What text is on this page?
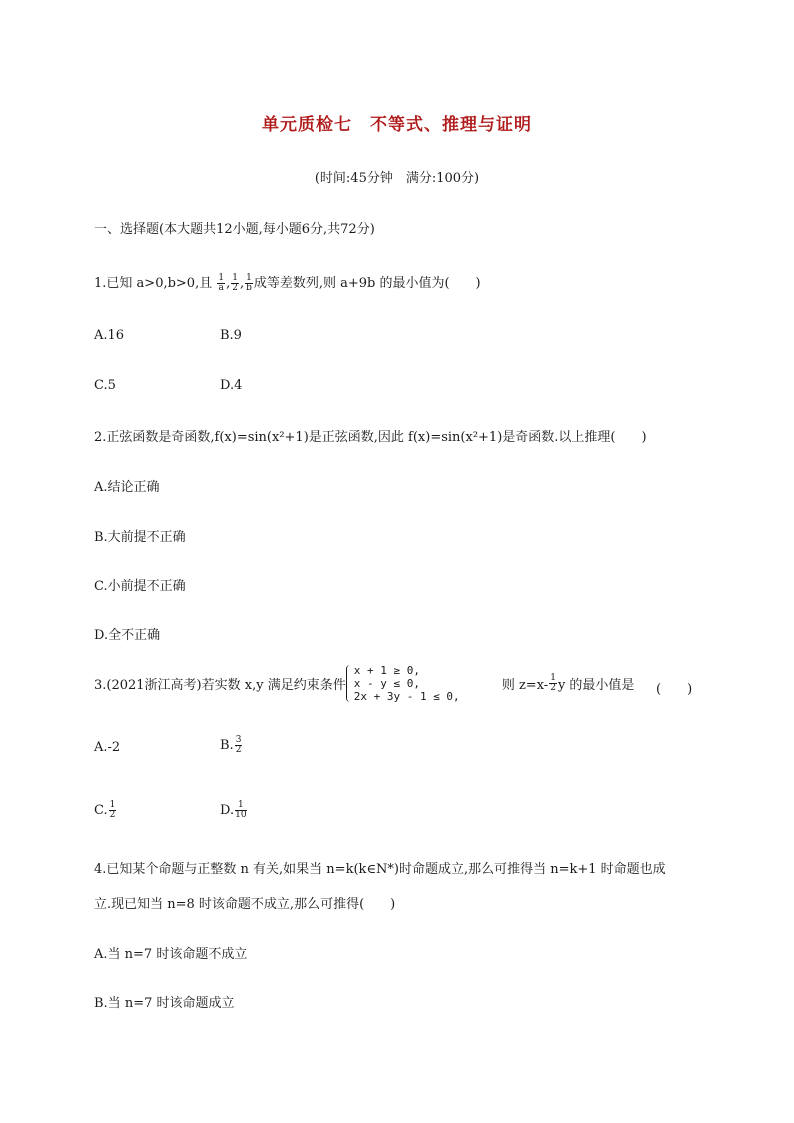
单元质检七　不等式、推理与证明
(时间:45分钟　满分:100分)
一、选择题(本大题共12小题,每小题6分,共72分)
1.已知 a>0,b>0,且 $\frac{1}{a}$ , $\frac{1}{2}$ , $\frac{1}{b}$ 成等差数列,则 a+9b 的最小值为(　　)
A.16	B.9
C.5	D.4
2.正弦函数是奇函数,f(x)=sin(x²+1)是正弦函数,因此 f(x)=sin(x²+1)是奇函数.以上推理(　　)
A.结论正确
B.大前提不正确
C.小前提不正确
D.全不正确
3.(2021浙江高考)若实数 x,y 满足约束条件
x + 1 ≥ 0,
x - y ≤ 0,
2x + 3y - 1 ≤ 0,
则 $z=x- \frac{1}{2}$ y 的最小值是 (　　)
A.-2	B. $\frac{3}{2}$
C. $\frac{1}{2}$	D. $\frac{1}{10}$
4.已知某个命题与正整数 n 有关,如果当 n=k(k∈N*)时命题成立,那么可推得当 n=k+1 时命题也成
立.现已知当 n=8 时该命题不成立,那么可推得(　　)
A.当 n=7 时该命题不成立
B.当 n=7 时该命题成立
